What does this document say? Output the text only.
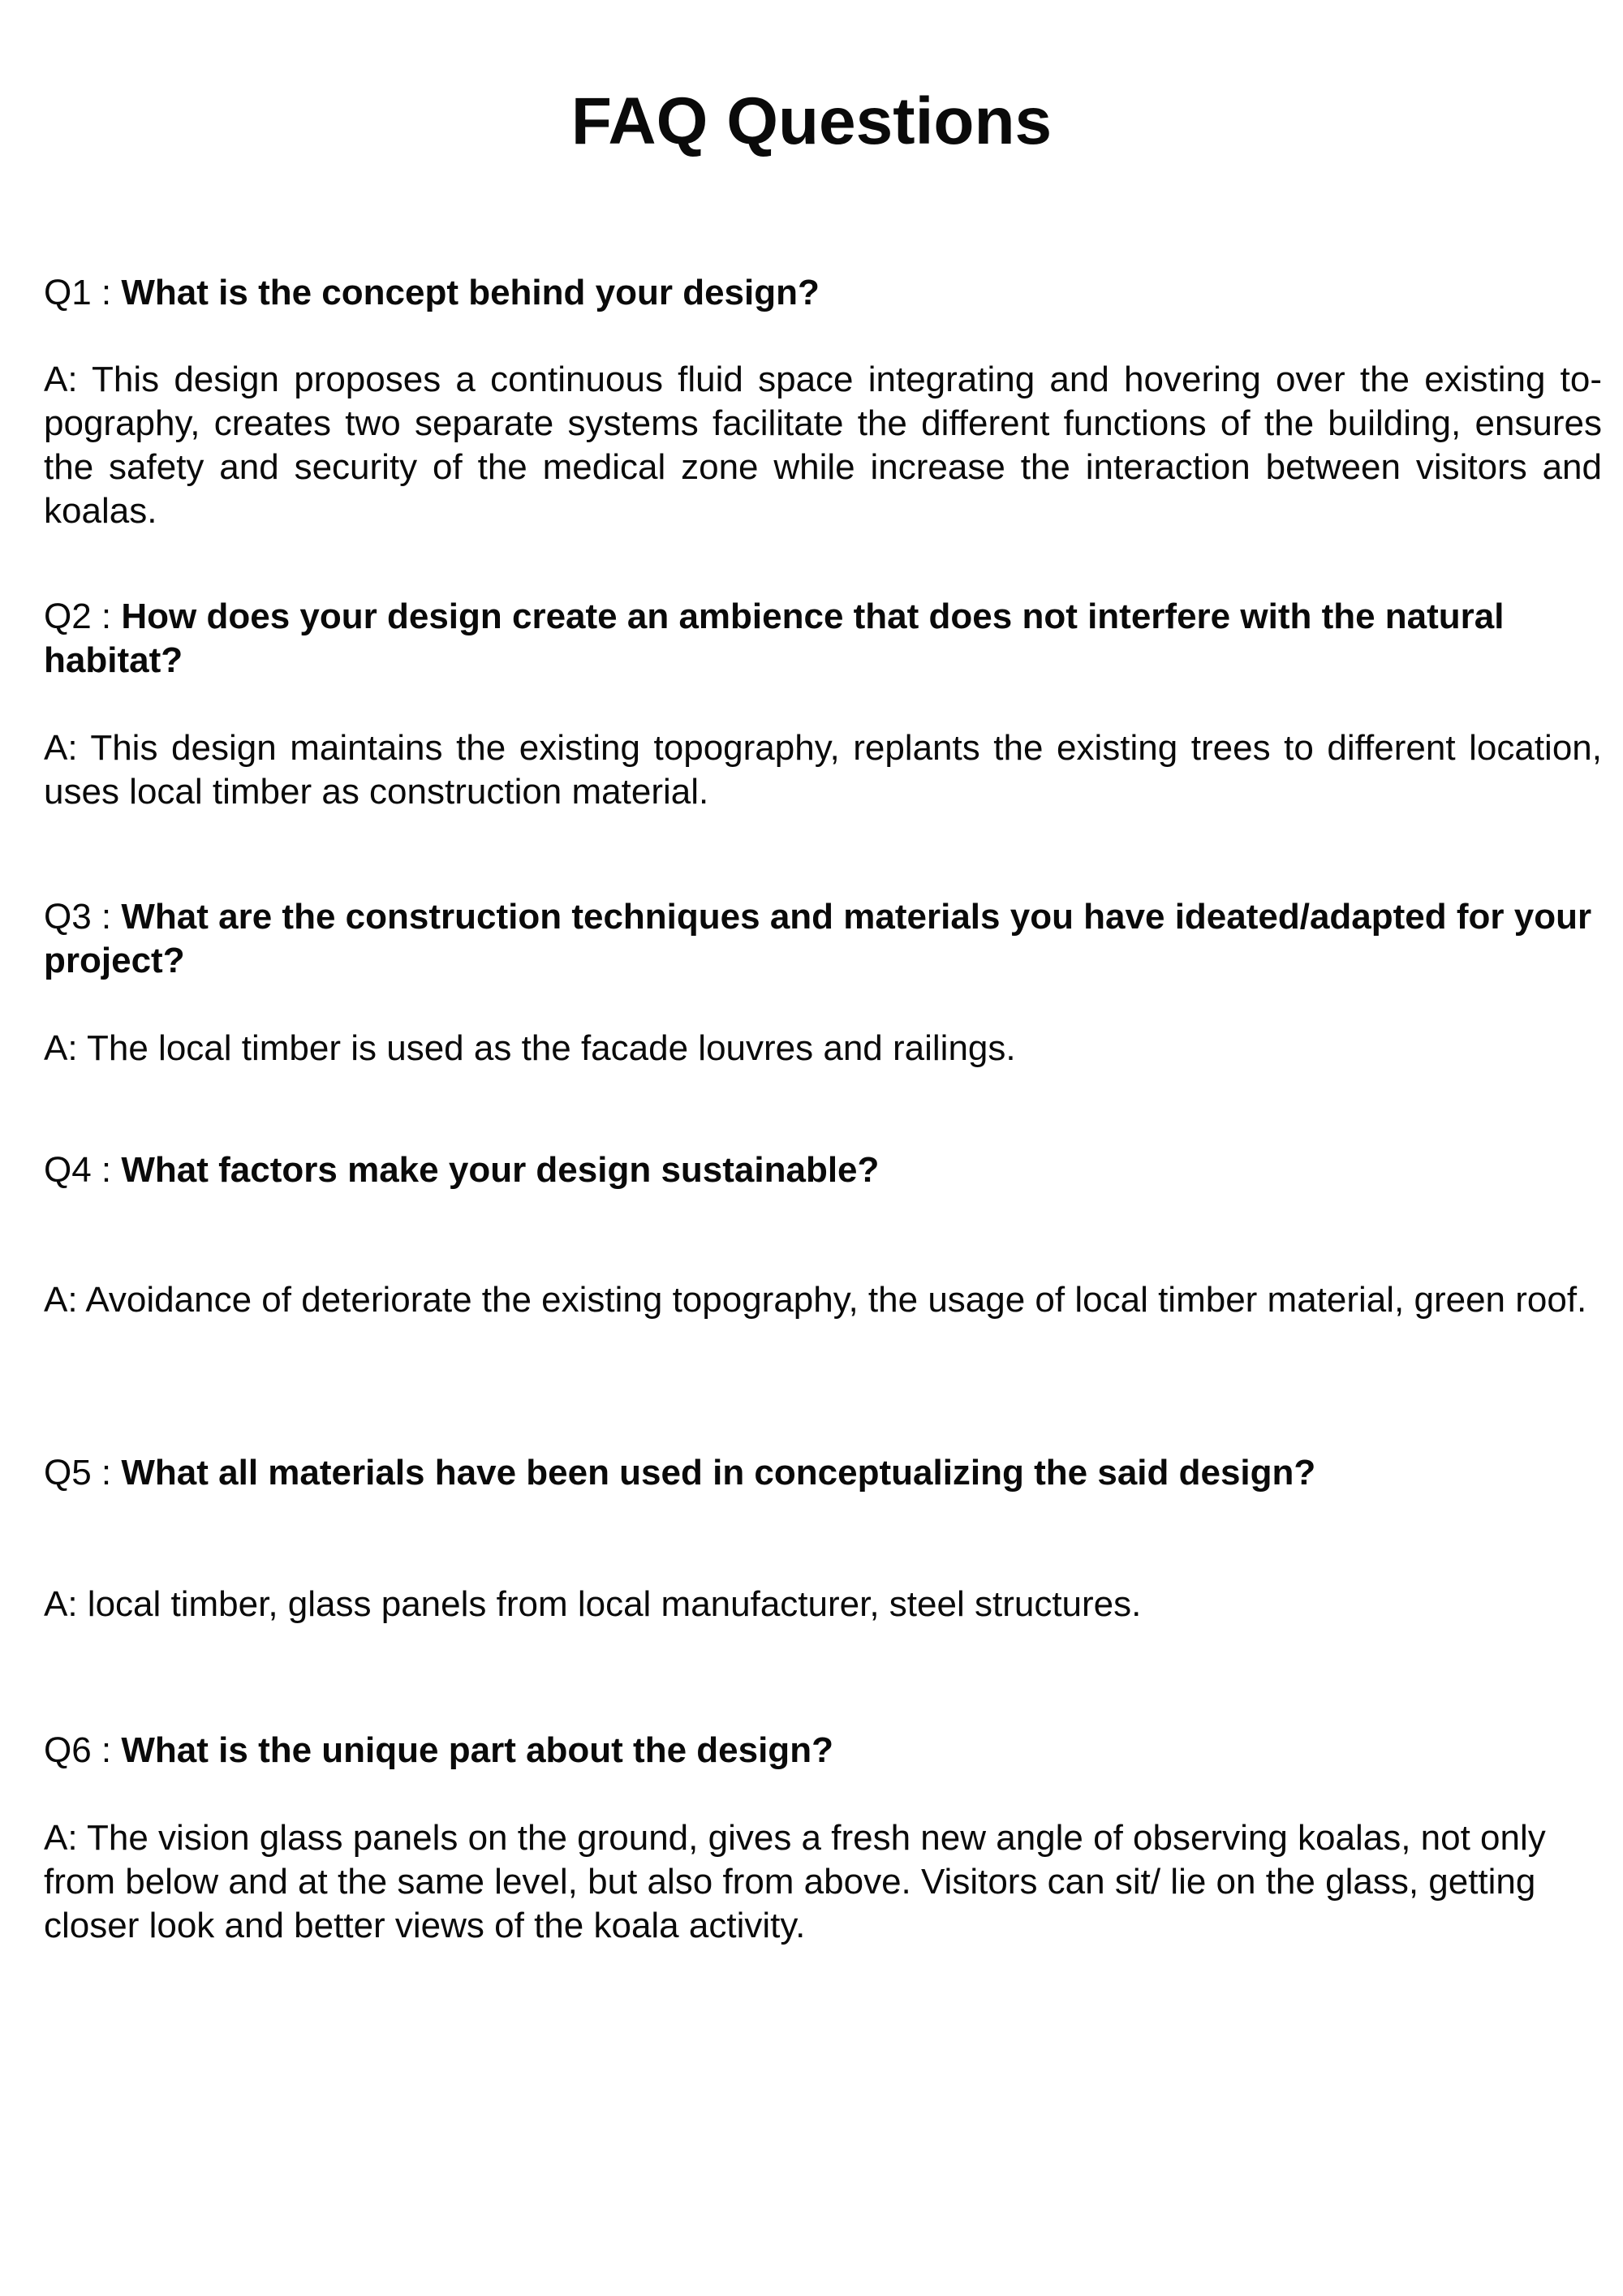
FAQ Questions

Q1 : What is the concept behind your design?

A: This design proposes a continuous fluid space integrating and hovering over the existing topography, creates two separate systems facilitate the different functions of the building, ensures the safety and security of the medical zone while increase the interaction between visitors and koalas.

Q2 : How does your design create an ambience that does not interfere with the natural habitat?

A: This design maintains the existing topography, replants the existing trees to different location, uses local timber as construction material.

Q3 : What are the construction techniques and materials you have ideated/adapted for your project?

A: The local timber is used as the facade louvres and railings.

Q4 : What factors make your design sustainable?

A: Avoidance of deteriorate the existing topography, the usage of local timber material, green roof.

Q5 : What all materials have been used in conceptualizing the said design?

A: local timber, glass panels from local manufacturer, steel structures.

Q6 : What is the unique part about the design?

A: The vision glass panels on the ground, gives a fresh new angle of observing koalas, not only from below and at the same level, but also from above. Visitors can sit/ lie on the glass, getting closer look and better views of the koala activity.
